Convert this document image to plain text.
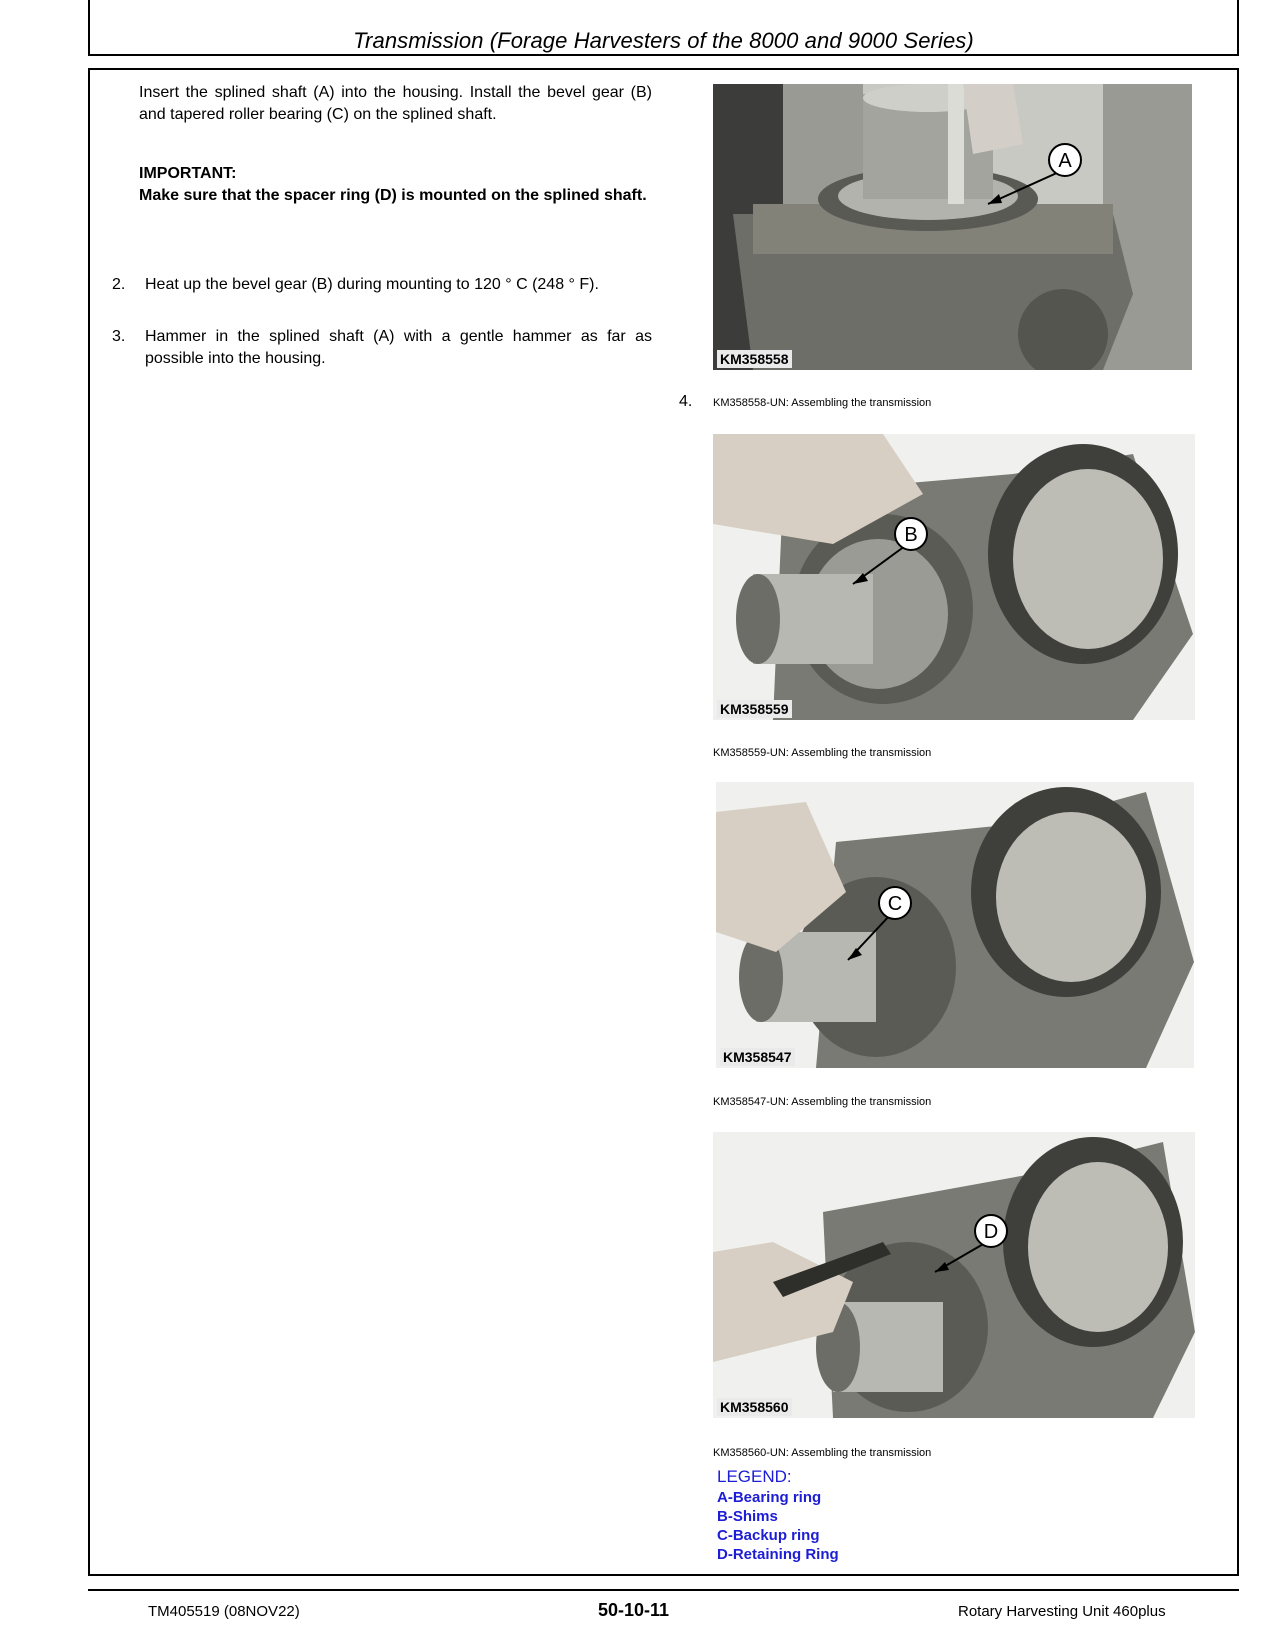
Transmission (Forage Harvesters of the 8000 and 9000 Series)
Insert the splined shaft (A) into the housing. Install the bevel gear (B) and tapered roller bearing (C) on the splined shaft.
IMPORTANT:
Make sure that the spacer ring (D) is mounted on the splined shaft.
2. Heat up the bevel gear (B) during mounting to 120 ° C (248 ° F).
3. Hammer in the splined shaft (A) with a gentle hammer as far as possible into the housing.
4.
KM358558
A
KM358558-UN: Assembling the transmission
KM358559
B
KM358559-UN: Assembling the transmission
KM358547
C
KM358547-UN: Assembling the transmission
KM358560
D
KM358560-UN: Assembling the transmission
LEGEND:
A-Bearing ring
B-Shims
C-Backup ring
D-Retaining Ring
TM405519 (08NOV22)	50-10-11	Rotary Harvesting Unit 460plus
